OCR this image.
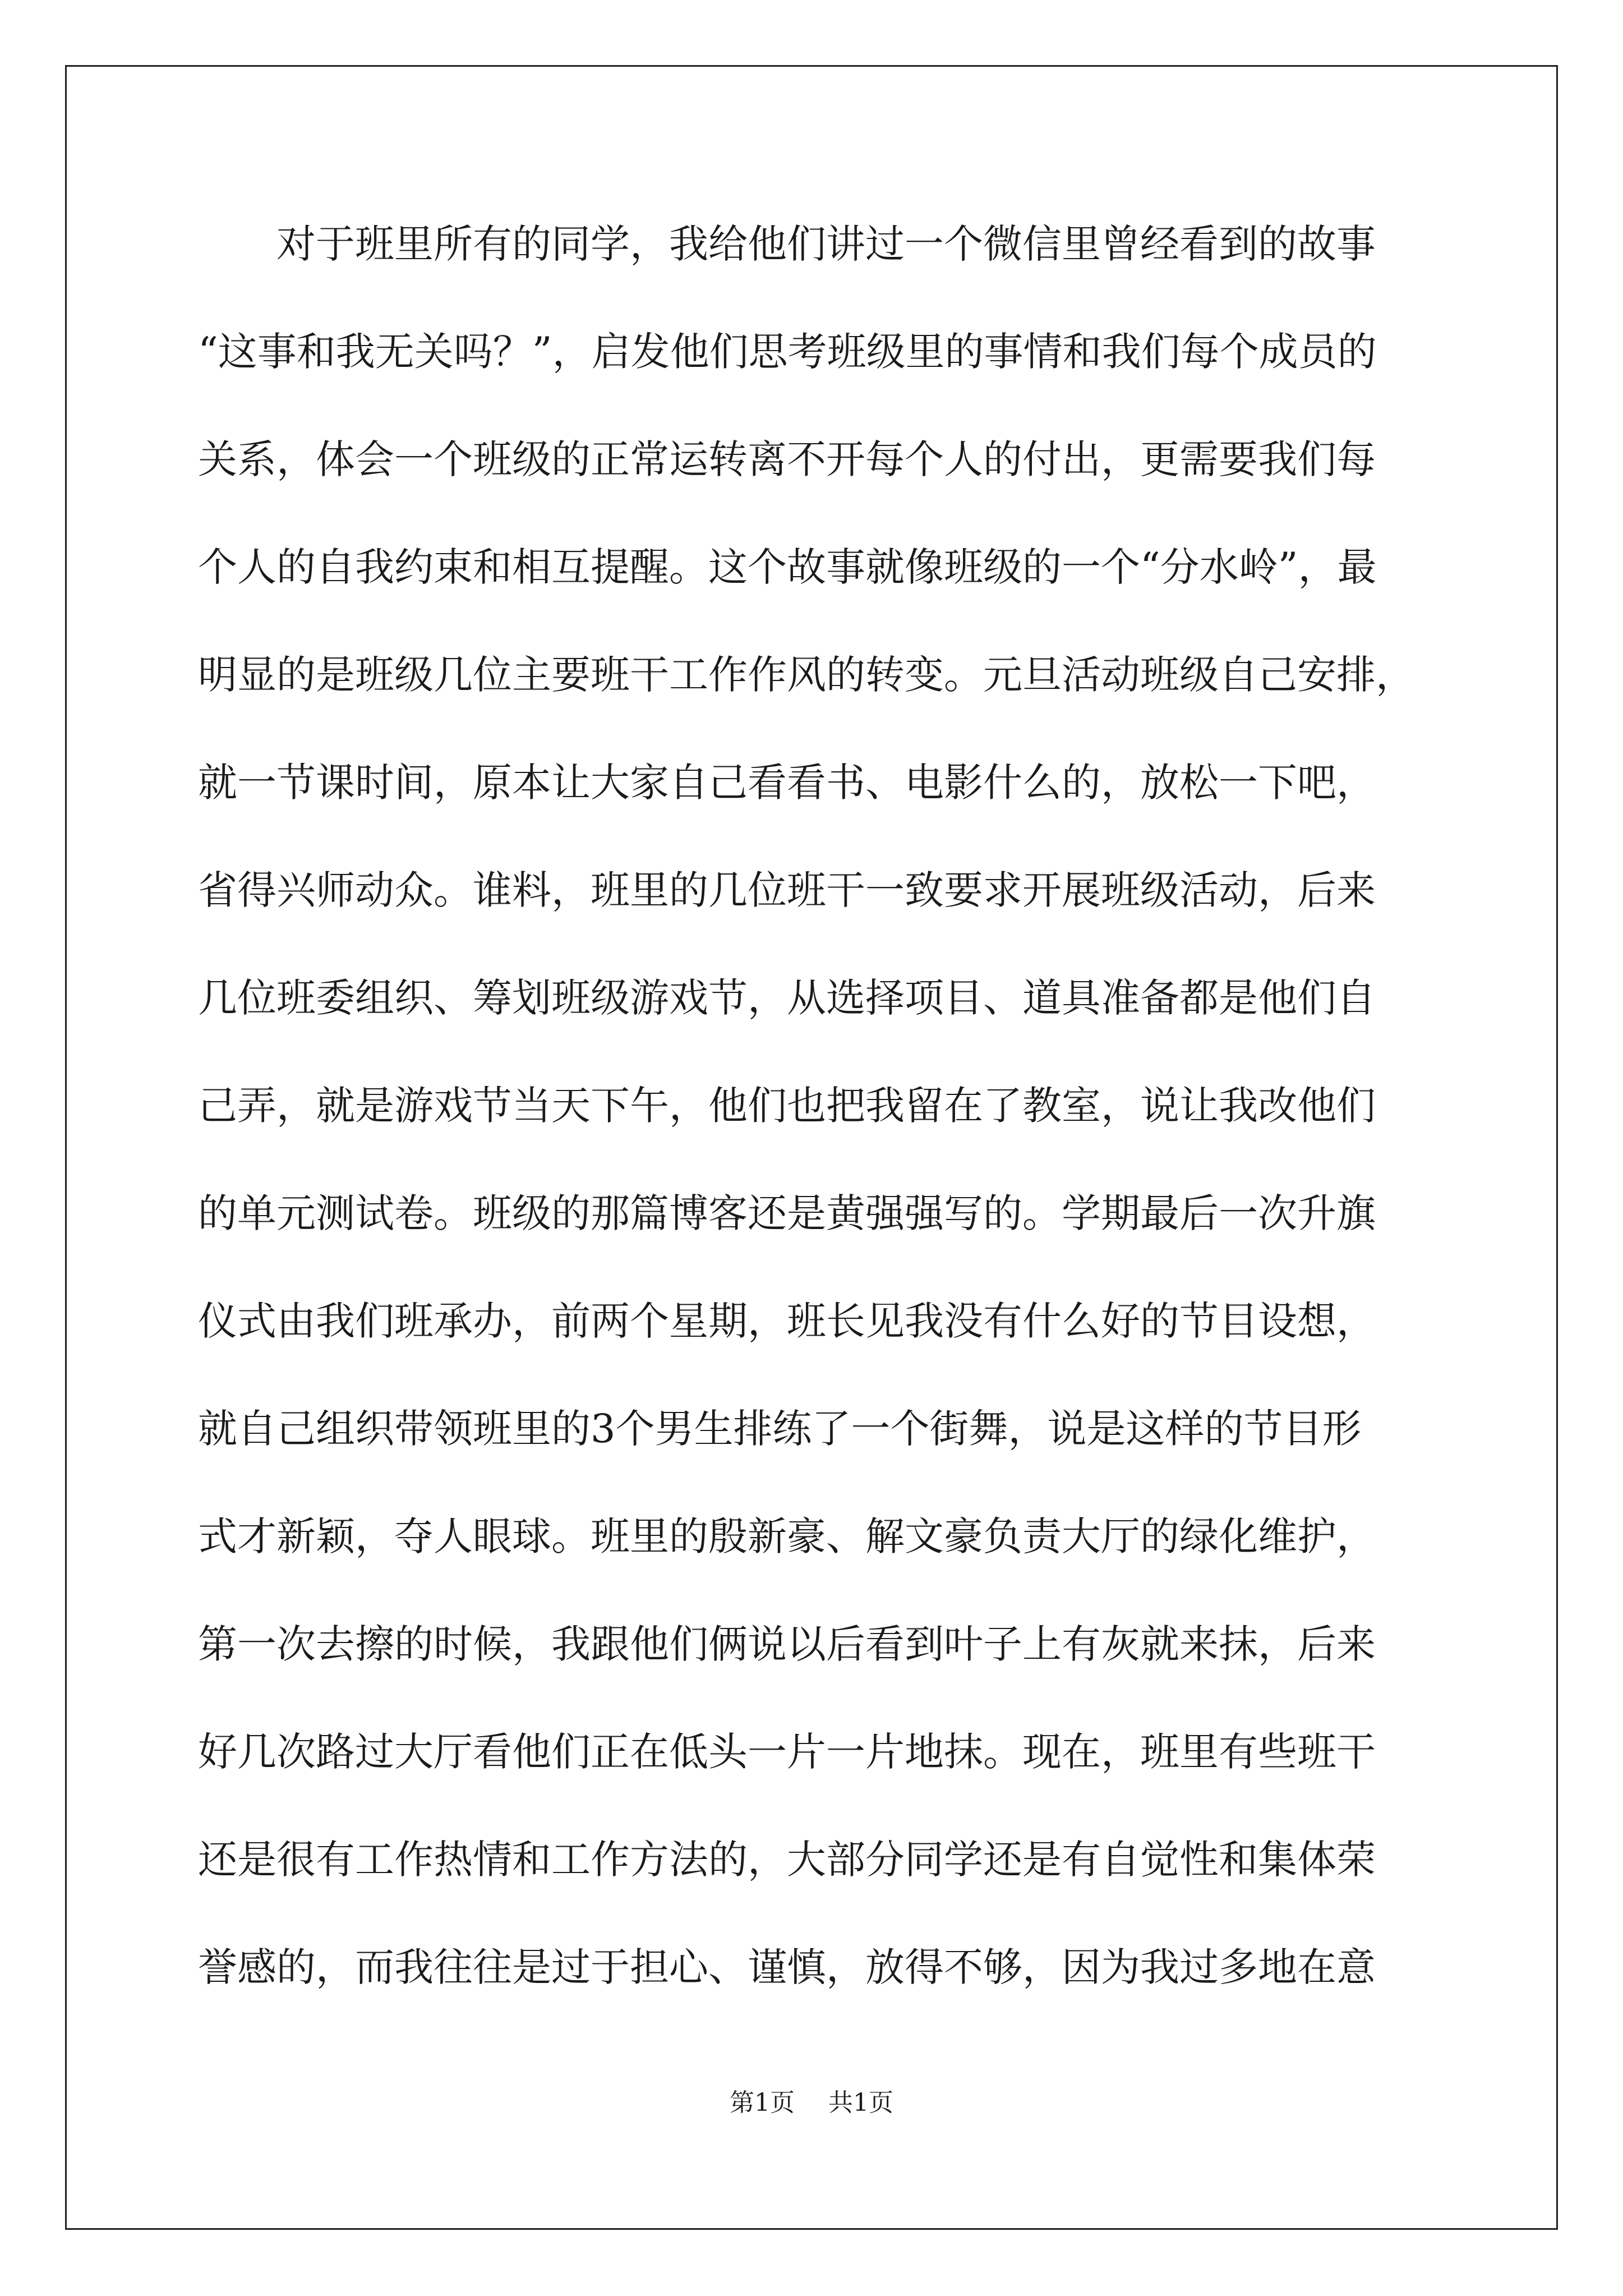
对于班里所有的同学，我给他们讲过一个微信里曾经看到的故事
“这事和我无关吗？”，启发他们思考班级里的事情和我们每个成员的
关系，体会一个班级的正常运转离不开每个人的付出，更需要我们每
个人的自我约束和相互提醒。这个故事就像班级的一个“分水岭”，最
明显的是班级几位主要班干工作作风的转变。元旦活动班级自己安排，
就一节课时间，原本让大家自己看看书、电影什么的，放松一下吧，
省得兴师动众。谁料，班里的几位班干一致要求开展班级活动，后来
几位班委组织、筹划班级游戏节，从选择项目、道具准备都是他们自
己弄，就是游戏节当天下午，他们也把我留在了教室，说让我改他们
的单元测试卷。班级的那篇博客还是黄强强写的。学期最后一次升旗
仪式由我们班承办，前两个星期，班长见我没有什么好的节目设想，
就自己组织带领班里的3个男生排练了一个街舞，说是这样的节目形
式才新颖，夺人眼球。班里的殷新豪、解文豪负责大厅的绿化维护，
第一次去擦的时候，我跟他们俩说以后看到叶子上有灰就来抹，后来
好几次路过大厅看他们正在低头一片一片地抹。现在，班里有些班干
还是很有工作热情和工作方法的，大部分同学还是有自觉性和集体荣
誉感的，而我往往是过于担心、谨慎，放得不够，因为我过多地在意
第1页 共1页
